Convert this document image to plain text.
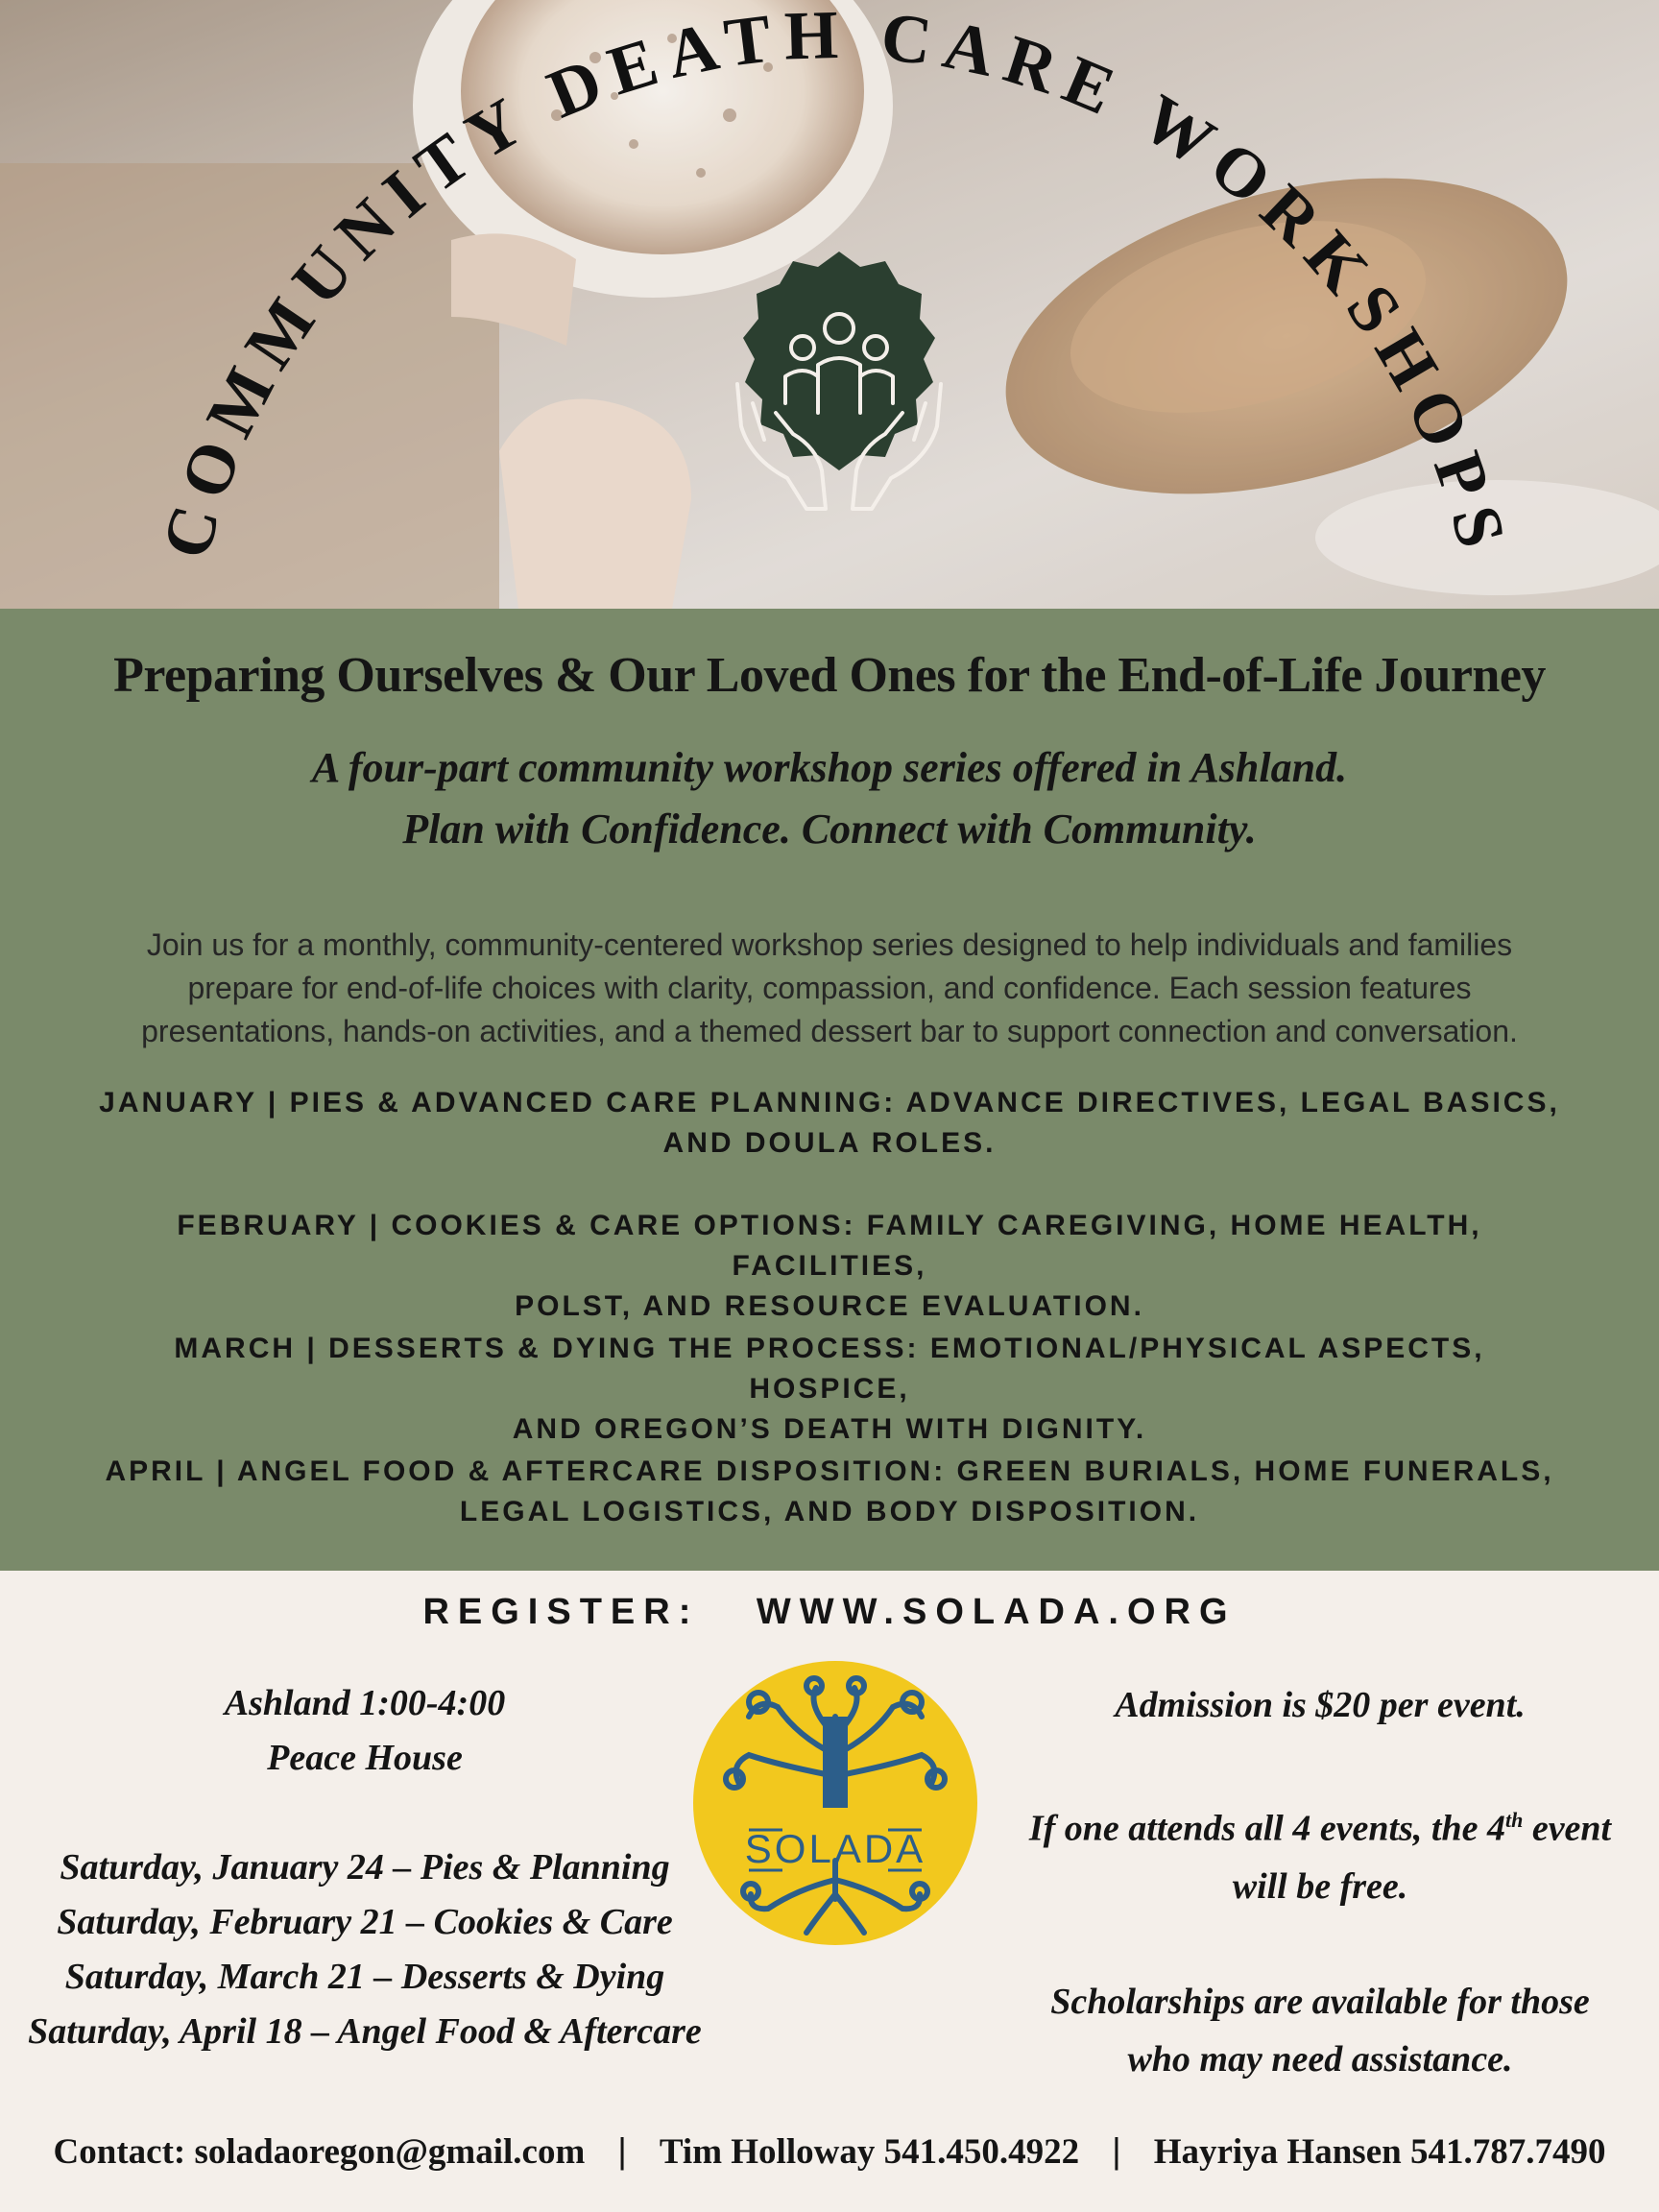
COMMUNITY DEATH CARE WORKSHOPS
Preparing Ourselves & Our Loved Ones for the End-of-Life Journey
A four-part community workshop series offered in Ashland.
Plan with Confidence. Connect with Community.
Join us for a monthly, community-centered workshop series designed to help individuals and families
prepare for end-of-life choices with clarity, compassion, and confidence. Each session features
presentations, hands-on activities, and a themed dessert bar to support connection and conversation.
JANUARY | PIES & ADVANCED CARE PLANNING: ADVANCE DIRECTIVES, LEGAL BASICS,
AND DOULA ROLES.
FEBRUARY | COOKIES & CARE OPTIONS: FAMILY CAREGIVING, HOME HEALTH, FACILITIES,
POLST, AND RESOURCE EVALUATION.
MARCH | DESSERTS & DYING THE PROCESS: EMOTIONAL/PHYSICAL ASPECTS, HOSPICE,
AND OREGON’S DEATH WITH DIGNITY.
APRIL | ANGEL FOOD & AFTERCARE DISPOSITION: GREEN BURIALS, HOME FUNERALS,
LEGAL LOGISTICS, AND BODY DISPOSITION.
REGISTER: WWW.SOLADA.ORG
Ashland 1:00-4:00
Peace House
Saturday, January 24 – Pies & Planning
Saturday, February 21 – Cookies & Care
Saturday, March 21 – Desserts & Dying
Saturday, April 18 – Angel Food & Aftercare
SOLADA
Admission is $20 per event.
If one attends all 4 events, the 4th event
will be free.
Scholarships are available for those
who may need assistance.
Contact: soladaoregon@gmail.com | Tim Holloway 541.450.4922 | Hayriya Hansen 541.787.7490
